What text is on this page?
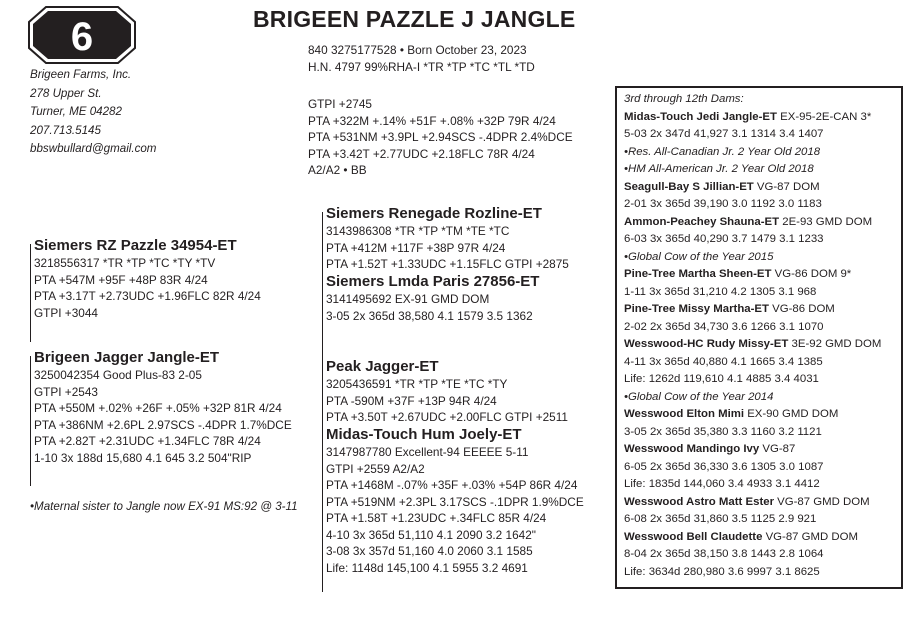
6	BRIGEEN PAZZLE J JANGLE
Brigeen Farms, Inc.
278 Upper St.
Turner, ME 04282
207.713.5145
bbswbullard@gmail.com
840 3275177528 • Born October 23, 2023
H.N. 4797 99%RHA-I *TR *TP *TC *TL *TD
GTPI +2745
PTA +322M +.14% +51F +.08% +32P 79R 4/24
PTA +531NM +3.9PL +2.94SCS -.4DPR 2.4%DCE
PTA +3.42T +2.77UDC +2.18FLC 78R 4/24
A2/A2 • BB
Siemers RZ Pazzle 34954-ET
3218556317 *TR *TP *TC *TY *TV
PTA +547M +95F +48P 83R 4/24
PTA +3.17T +2.73UDC +1.96FLC 82R 4/24
GTPI +3044
Siemers Renegade Rozline-ET
3143986308 *TR *TP *TM *TE *TC
PTA +412M +117F +38P 97R 4/24
PTA +1.52T +1.33UDC +1.15FLC GTPI +2875
Siemers Lmda Paris 27856-ET
3141495692 EX-91 GMD DOM
3-05 2x 365d 38,580 4.1 1579 3.5 1362
Brigeen Jagger Jangle-ET
3250042354 Good Plus-83 2-05
GTPI +2543
PTA +550M +.02% +26F +.05% +32P 81R 4/24
PTA +386NM +2.6PL 2.97SCS -.4DPR 1.7%DCE
PTA +2.82T +2.31UDC +1.34FLC 78R 4/24
1-10 3x 188d 15,680 4.1 645 3.2 504"RIP
Peak Jagger-ET
3205436591 *TR *TP *TE *TC *TY
PTA -590M +37F +13P 94R 4/24
PTA +3.50T +2.67UDC +2.00FLC GTPI +2511
Midas-Touch Hum Joely-ET
3147987780 Excellent-94 EEEEE 5-11
GTPI +2559 A2/A2
PTA +1468M -.07% +35F +.03% +54P 86R 4/24
PTA +519NM +2.3PL 3.17SCS -.1DPR 1.9%DCE
PTA +1.58T +1.23UDC +.34FLC 85R 4/24
4-10 3x 365d 51,110 4.1 2090 3.2 1642"
3-08 3x 357d 51,160 4.0 2060 3.1 1585
Life: 1148d 145,100 4.1 5955 3.2 4691
•Maternal sister to Jangle now EX-91 MS:92 @ 3-11
3rd through 12th Dams:
Midas-Touch Jedi Jangle-ET EX-95-2E-CAN 3*
5-03 2x 347d 41,927 3.1 1314 3.4 1407
•Res. All-Canadian Jr. 2 Year Old 2018
•HM All-American Jr. 2 Year Old 2018
Seagull-Bay S Jillian-ET VG-87 DOM
2-01 3x 365d 39,190 3.0 1192 3.0 1183
Ammon-Peachey Shauna-ET 2E-93 GMD DOM
6-03 3x 365d 40,290 3.7 1479 3.1 1233
•Global Cow of the Year 2015
Pine-Tree Martha Sheen-ET VG-86 DOM 9*
1-11 3x 365d 31,210 4.2 1305 3.1 968
Pine-Tree Missy Martha-ET VG-86 DOM
2-02 2x 365d 34,730 3.6 1266 3.1 1070
Wesswood-HC Rudy Missy-ET 3E-92 GMD DOM
4-11 3x 365d 40,880 4.1 1665 3.4 1385
Life: 1262d 119,610 4.1 4885 3.4 4031
•Global Cow of the Year 2014
Wesswood Elton Mimi EX-90 GMD DOM
3-05 2x 365d 35,380 3.3 1160 3.2 1121
Wesswood Mandingo Ivy VG-87
6-05 2x 365d 36,330 3.6 1305 3.0 1087
Life: 1835d 144,060 3.4 4933 3.1 4412
Wesswood Astro Matt Ester VG-87 GMD DOM
6-08 2x 365d 31,860 3.5 1125 2.9 921
Wesswood Bell Claudette VG-87 GMD DOM
8-04 2x 365d 38,150 3.8 1443 2.8 1064
Life: 3634d 280,980 3.6 9997 3.1 8625
